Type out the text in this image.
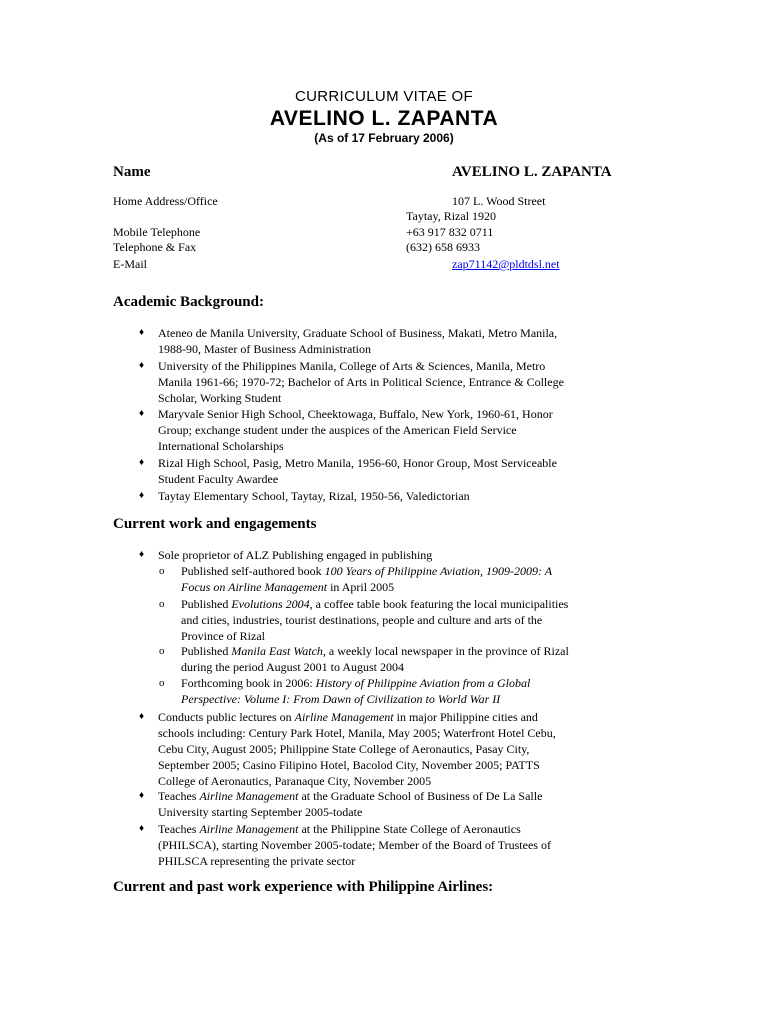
CURRICULUM VITAE OF
AVELINO L. ZAPANTA
(As of 17 February 2006)
Name	AVELINO L. ZAPANTA
Home Address/Office	107 L. Wood Street
Taytay, Rizal 1920
Mobile Telephone	+63 917 832 0711
Telephone & Fax	(632) 658 6933
E-Mail	zap71142@pldtdsl.net
Academic Background:
♦ Ateneo de Manila University, Graduate School of Business, Makati, Metro Manila,
1988-90, Master of Business Administration
♦ University of the Philippines Manila, College of Arts & Sciences, Manila, Metro
Manila 1961-66; 1970-72; Bachelor of Arts in Political Science, Entrance & College
Scholar, Working Student
♦ Maryvale Senior High School, Cheektowaga, Buffalo, New York, 1960-61, Honor
Group; exchange student under the auspices of the American Field Service
International Scholarships
♦ Rizal High School, Pasig, Metro Manila, 1956-60, Honor Group, Most Serviceable
Student Faculty Awardee
♦ Taytay Elementary School, Taytay, Rizal, 1950-56, Valedictorian
Current work and engagements
♦ Sole proprietor of ALZ Publishing engaged in publishing
o Published self-authored book 100 Years of Philippine Aviation, 1909-2009: A
Focus on Airline Management in April 2005
o Published Evolutions 2004, a coffee table book featuring the local municipalities
and cities, industries, tourist destinations, people and culture and arts of the
Province of Rizal
o Published Manila East Watch, a weekly local newspaper in the province of Rizal
during the period August 2001 to August 2004
o Forthcoming book in 2006: History of Philippine Aviation from a Global
Perspective: Volume I: From Dawn of Civilization to World War II
♦ Conducts public lectures on Airline Management in major Philippine cities and
schools including: Century Park Hotel, Manila, May 2005; Waterfront Hotel Cebu,
Cebu City, August 2005; Philippine State College of Aeronautics, Pasay City,
September 2005; Casino Filipino Hotel, Bacolod City, November 2005; PATTS
College of Aeronautics, Paranaque City, November 2005
♦ Teaches Airline Management at the Graduate School of Business of De La Salle
University starting September 2005-todate
♦ Teaches Airline Management at the Philippine State College of Aeronautics
(PHILSCA), starting November 2005-todate; Member of the Board of Trustees of
PHILSCA representing the private sector
Current and past work experience with Philippine Airlines:
